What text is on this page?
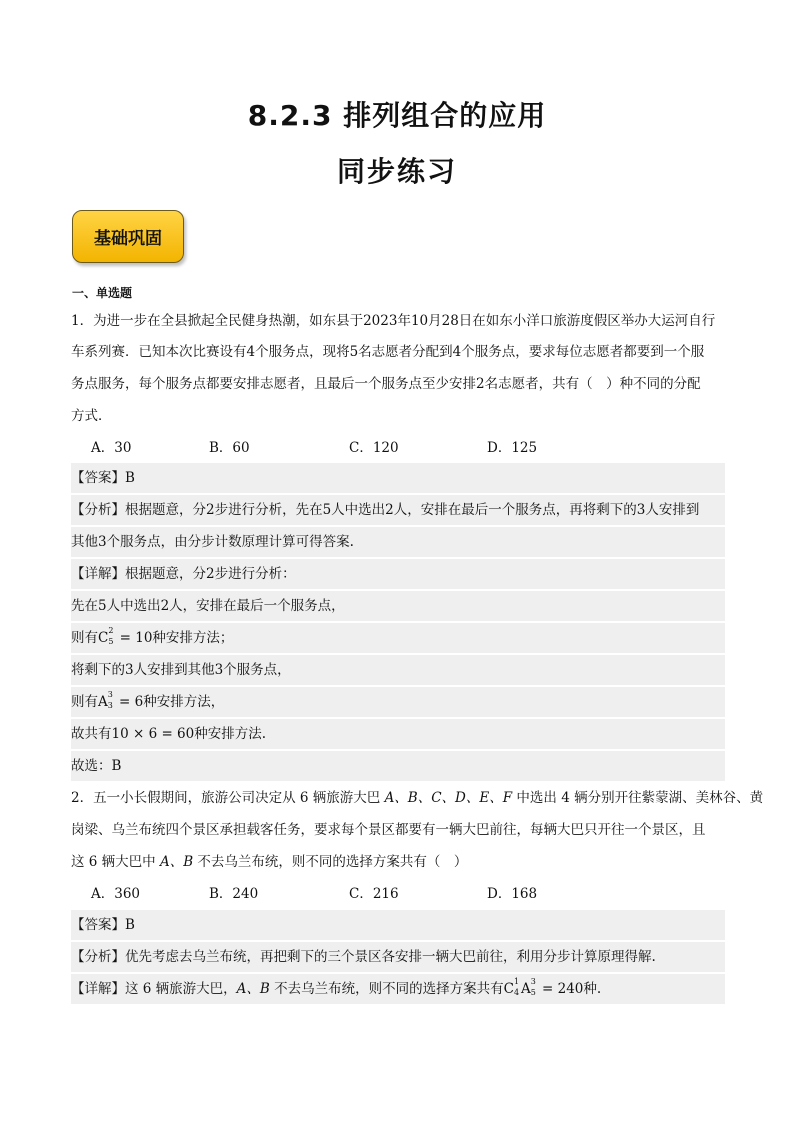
8.2.3 排列组合的应用
同步练习
基础巩固
一、单选题
1．为进一步在全县掀起全民健身热潮，如东县于2023年10月28日在如东小洋口旅游度假区举办大运河自行
车系列赛．已知本次比赛设有4个服务点，现将5名志愿者分配到4个服务点，要求每位志愿者都要到一个服
务点服务，每个服务点都要安排志愿者，且最后一个服务点至少安排2名志愿者，共有（　）种不同的分配
方式．
A．30	B．60	C．120	D．125
【答案】B
【分析】根据题意，分2步进行分析，先在5人中选出2人，安排在最后一个服务点，再将剩下的3人安排到
其他3个服务点，由分步计数原理计算可得答案.
【详解】根据题意，分2步进行分析：
先在5人中选出2人，安排在最后一个服务点，
则有C 2
5 = 10种安排方法；
将剩下的3人安排到其他3个服务点，
则有A 3
3 = 6种安排方法，
故共有10 × 6 = 60种安排方法.
故选：B
2．五一小长假期间，旅游公司决定从 6 辆旅游大巴 A、B、C、D、E、F 中选出 4 辆分别开往紫蒙湖、美林谷、黄
岗梁、乌兰布统四个景区承担载客任务，要求每个景区都要有一辆大巴前往，每辆大巴只开往一个景区，且
这 6 辆大巴中 A、B 不去乌兰布统，则不同的选择方案共有（　）
A．360	B．240	C．216	D．168
【答案】B
【分析】优先考虑去乌兰布统，再把剩下的三个景区各安排一辆大巴前往，利用分步计算原理得解.
【详解】这 6 辆旅游大巴，A、B 不去乌兰布统，则不同的选择方案共有C 1
4 A 3
5 = 240种.
